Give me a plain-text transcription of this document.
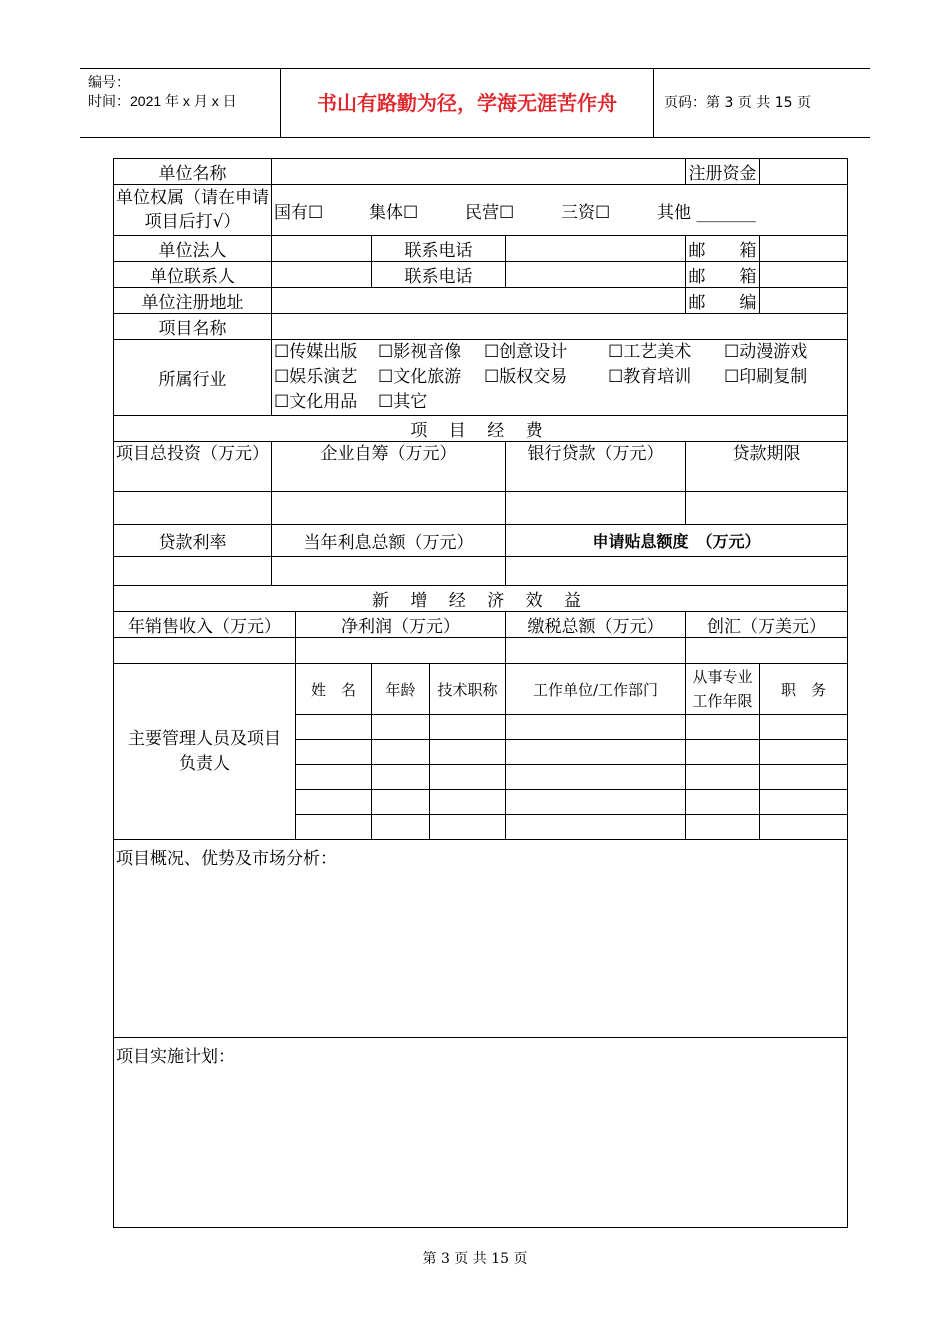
编号：
时间：2021 年 x 月 x 日	书山有路勤为径，学海无涯苦作舟	页码：第 3 页 共 15 页
单位名称						注册资金	
单位权属（请在申请项目后打√）	国有☐ 集体☐ 民营☐ 三资☐ 其他 _______						
单位法人			联系电话			邮　　箱	
单位联系人			联系电话			邮　　箱	
单位注册地址						邮　　编	
项目名称							
所属行业	☐传媒出版 ☐影视音像 ☐创意设计 ☐工艺美术 ☐动漫游戏
☐娱乐演艺 ☐文化旅游 ☐版权交易 ☐教育培训 ☐印刷复制
☐文化用品 ☐其它						
项 目 经 费							
项目总投资（万元）	企业自筹（万元）				银行贷款（万元）	贷款期限	

贷款利率	当年利息总额（万元）				申请贴息额度　（万元）		

新 增 经 济 效 益							
年销售收入（万元）		净利润（万元）			缴税总额（万元）	创汇（万美元）	

主要管理人员及项目负责人		姓　名	年龄	技术职称	工作单位/工作部门	从事专业工作年限	职　务

项目概况、优势及市场分析：							
项目实施计划：							
第 3 页 共 15 页
